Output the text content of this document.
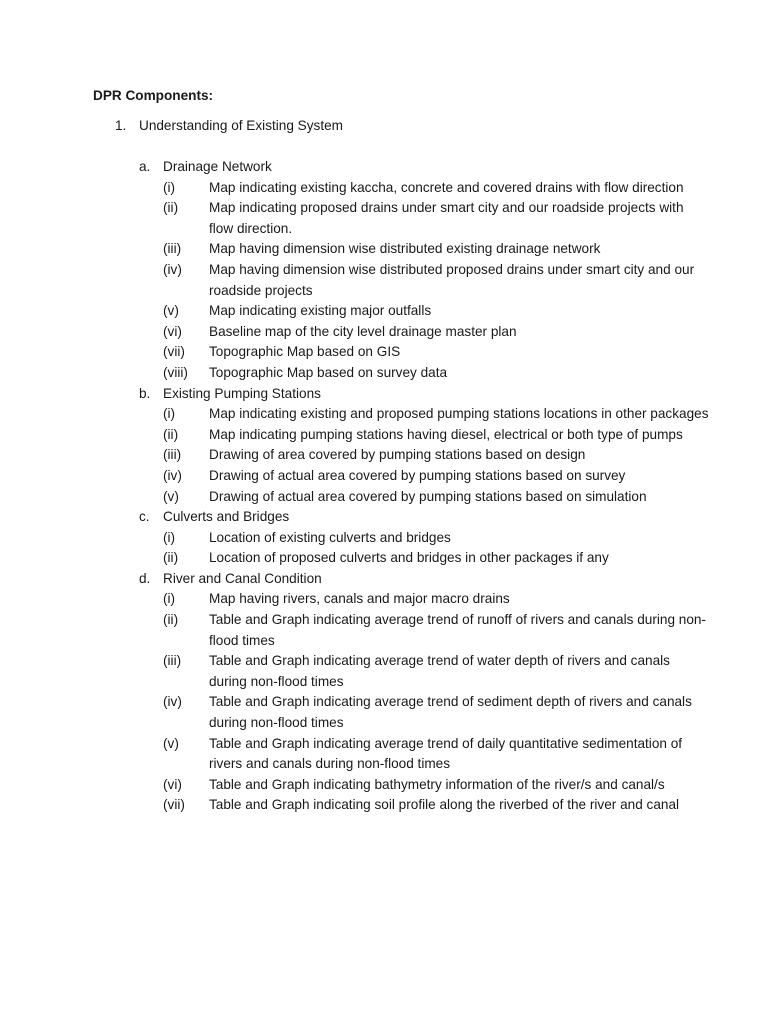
DPR Components:
1. Understanding of Existing System
a. Drainage Network
(i) Map indicating existing kaccha, concrete and covered drains with flow direction
(ii) Map indicating proposed drains under smart city and our roadside projects with flow direction.
(iii) Map having dimension wise distributed existing drainage network
(iv) Map having dimension wise distributed proposed drains under smart city and our roadside projects
(v) Map indicating existing major outfalls
(vi) Baseline map of the city level drainage master plan
(vii) Topographic Map based on GIS
(viii) Topographic Map based on survey data
b. Existing Pumping Stations
(i) Map indicating existing and proposed pumping stations locations in other packages
(ii) Map indicating pumping stations having diesel, electrical or both type of pumps
(iii) Drawing of area covered by pumping stations based on design
(iv) Drawing of actual area covered by pumping stations based on survey
(v) Drawing of actual area covered by pumping stations based on simulation
c. Culverts and Bridges
(i) Location of existing culverts and bridges
(ii) Location of proposed culverts and bridges in other packages if any
d. River and Canal Condition
(i) Map having rivers, canals and major macro drains
(ii) Table and Graph indicating average trend of runoff of rivers and canals during non-flood times
(iii) Table and Graph indicating average trend of water depth of rivers and canals during non-flood times
(iv) Table and Graph indicating average trend of sediment depth of rivers and canals during non-flood times
(v) Table and Graph indicating average trend of daily quantitative sedimentation of rivers and canals during non-flood times
(vi) Table and Graph indicating bathymetry information of the river/s and canal/s
(vii) Table and Graph indicating soil profile along the riverbed of the river and canal
